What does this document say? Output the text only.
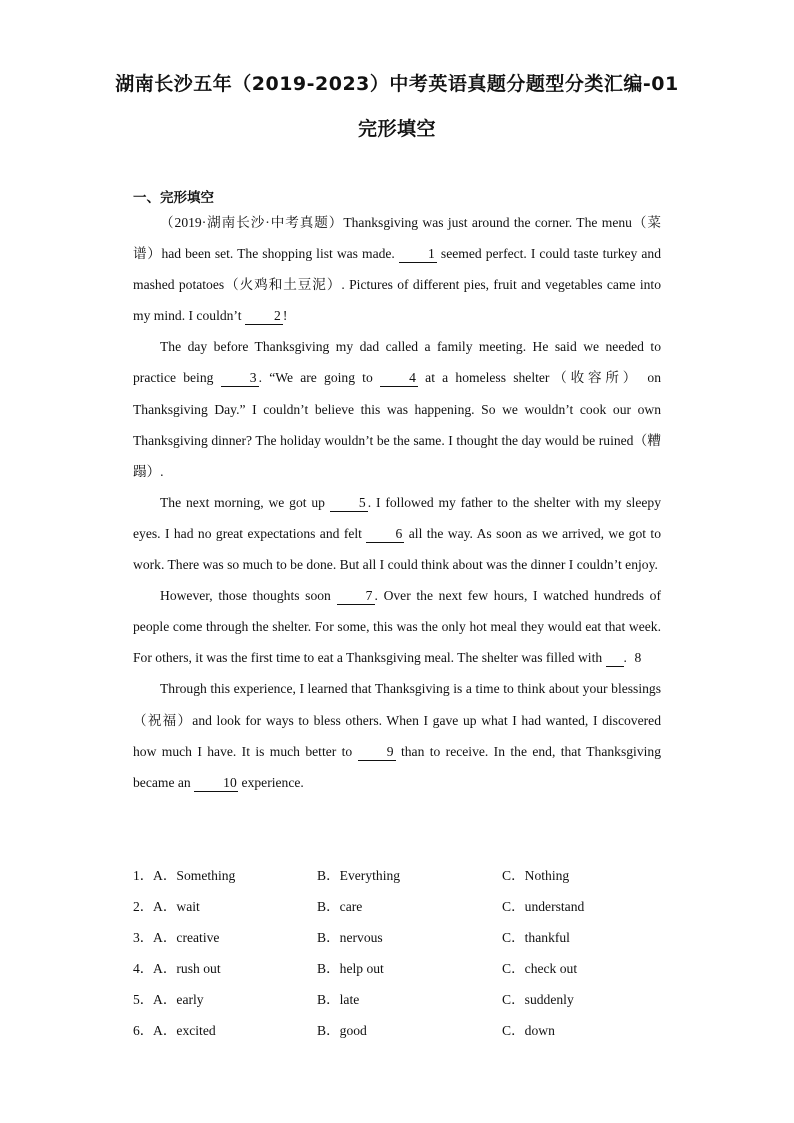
湖南长沙五年（2019-2023）中考英语真题分题型分类汇编-01
完形填空
一、完形填空

（2019·湖南长沙·中考真题）Thanksgiving was just around the corner. The menu（菜谱）had been set. The shopping list was made. 1 seemed perfect. I could taste turkey and mashed potatoes（火鸡和土豆泥）. Pictures of different pies, fruit and vegetables came into my mind. I couldn’t 2 !

The day before Thanksgiving my dad called a family meeting. He said we needed to practice being 3 . “We are going to 4 at a homeless shelter（收容所） on Thanksgiving Day.” I couldn’t believe this was happening. So we wouldn’t cook our own Thanksgiving dinner? The holiday wouldn’t be the same. I thought the day would be ruined（糟蹋）.

The next morning, we got up 5 . I followed my father to the shelter with my sleepy eyes. I had no great expectations and felt 6 all the way. As soon as we arrived, we got to work. There was so much to be done. But all I could think about was the dinner I couldn’t enjoy.

However, those thoughts soon 7 . Over the next few hours, I watched hundreds of people come through the shelter. For some, this was the only hot meal they would eat that week. For others, it was the first time to eat a Thanksgiving meal. The shelter was filled with 8.

Through this experience, I learned that Thanksgiving is a time to think about your blessings（祝福）and look for ways to bless others. When I gave up what I had wanted, I discovered how much I have. It is much better to 9 than to receive. In the end, that Thanksgiving became an 10 experience.

1． A．Something	B．Everything	C．Nothing
2． A．wait	B．care	C．understand
3． A．creative	B．nervous	C．thankful
4． A．rush out	B．help out	C．check out
5． A．early	B．late	C．suddenly
6． A．excited	B．good	C．down
